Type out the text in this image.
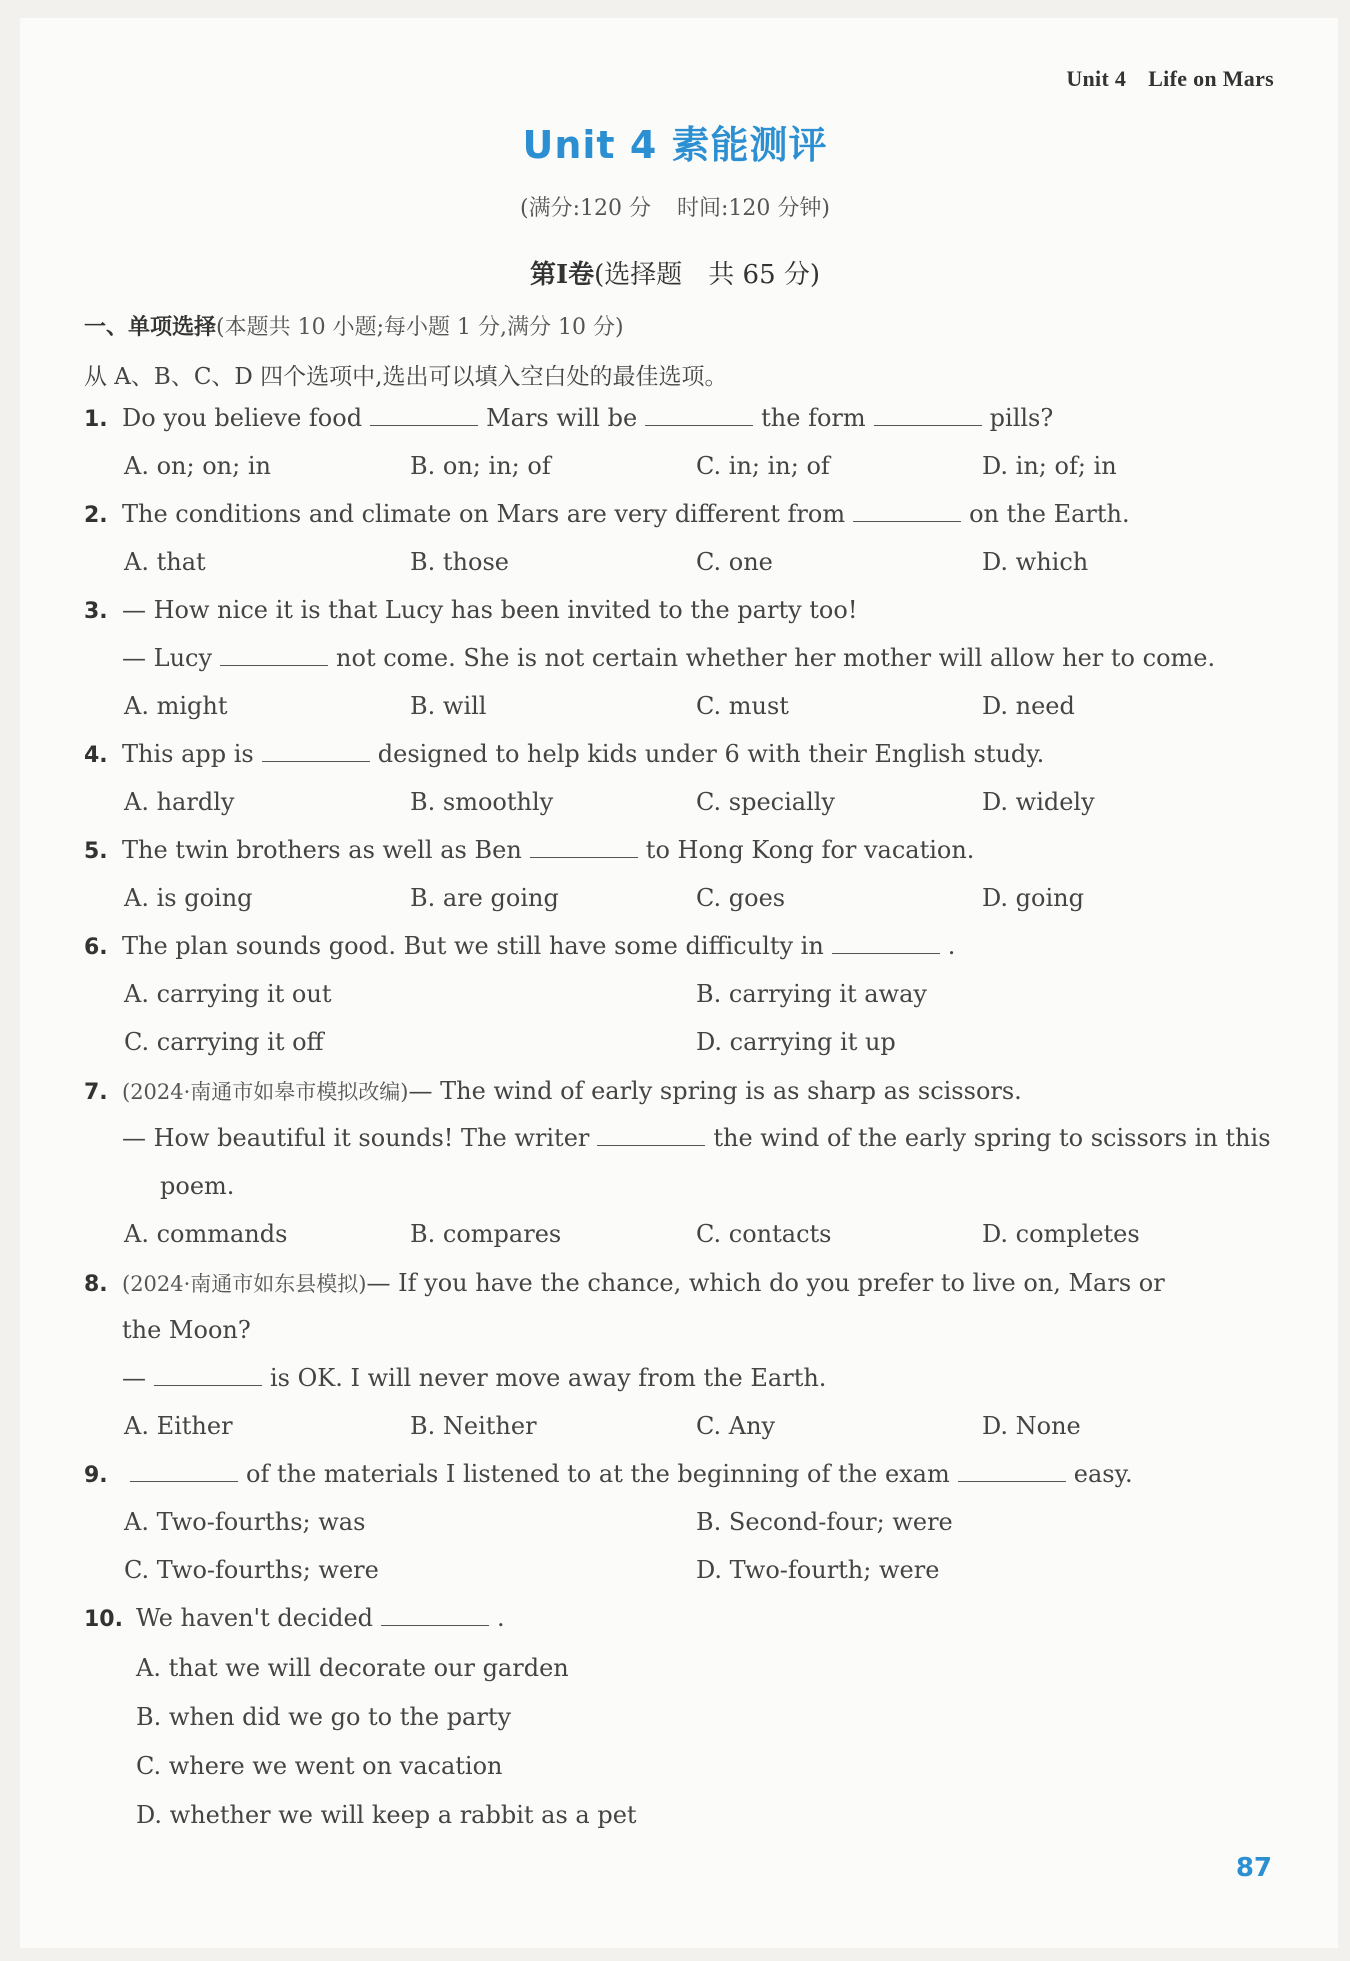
Unit 4 Life on Mars
Unit 4 素能测评
(满分:120 分 时间:120 分钟)
第Ⅰ卷(选择题 共 65 分)
一、单项选择(本题共 10 小题;每小题 1 分,满分 10 分)
从 A、B、C、D 四个选项中,选出可以填入空白处的最佳选项。
1. Do you believe food	Mars will be	the form	pills?
A. on; on; in	B. on; in; of	C. in; in; of	D. in; of; in
2. The conditions and climate on Mars are very different from	on the Earth.
A. that	B. those	C. one	D. which
3. — How nice it is that Lucy has been invited to the party too!
— Lucy	not come. She is not certain whether her mother will allow her to come.
A. might	B. will	C. must	D. need
4. This app is	designed to help kids under 6 with their English study.
A. hardly	B. smoothly	C. specially	D. widely
5. The twin brothers as well as Ben	to Hong Kong for vacation.
A. is going	B. are going	C. goes	D. going
6. The plan sounds good. But we still have some difficulty in	.
A. carrying it out	B. carrying it away
C. carrying it off	D. carrying it up
7. (2024·南通市如皋市模拟改编)— The wind of early spring is as sharp as scissors.
— How beautiful it sounds! The writer	the wind of the early spring to scissors in this
poem.
A. commands	B. compares	C. contacts	D. completes
8. (2024·南通市如东县模拟)— If you have the chance, which do you prefer to live on, Mars or
the Moon?
—	is OK. I will never move away from the Earth.
A. Either	B. Neither	C. Any	D. None
9.	of the materials I listened to at the beginning of the exam	easy.
A. Two-fourths; was	B. Second-four; were
C. Two-fourths; were	D. Two-fourth; were
10. We haven't decided	.
A. that we will decorate our garden
B. when did we go to the party
C. where we went on vacation
D. whether we will keep a rabbit as a pet
87
